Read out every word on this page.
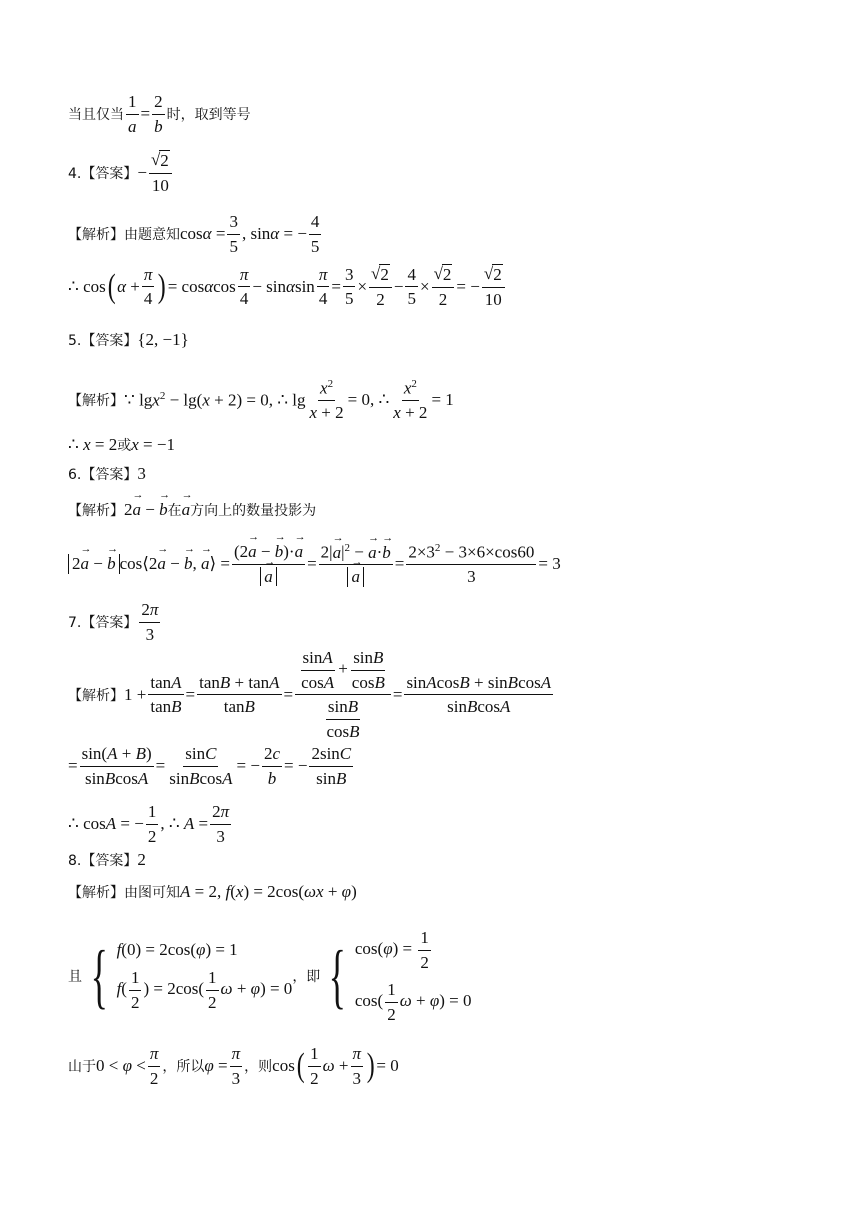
当且仅当 $\frac{1}{a} = \frac{2}{b}$ 时，取到等号
4.【答案】 − $\frac{√ 2}{10}$
【解析】由题意知 $\cos\alpha = \frac{3}{5}$ , sinα = − $\frac{4}{5}$
∴ cos ( $\alpha + \frac{\pi}{4}$ ) = cosαcos $\frac{\pi}{4} - \sin\alpha\sin \frac{\pi}{4} = \frac{3}{5} \times \frac{√ 2}{2} - \frac{4}{5} \times \frac{√ 2}{2}$ = − $\frac{√ 2}{10}$
5.【答案】 {2, −1}
【解析】 ∵ lgx$^2$ − lg(x + 2) = 0, ∴ $\lg \frac{x^2}{x + 2} = 0$, ∴ $\frac{x^2}{x + 2} = 1$
∴ x = 2 或 x = −1
6.【答案】 3
【解析】 2→ a − → b 在
→ a 方向上的数量投影为
2→ a − → b cos⟨2→ a − → b, → a⟩ = (2→ a − → b)·→ a
→ $a = 2|\to a|^2$ − → a·→ b
→ $a = \frac{2\times 3^2 - 3\times 6\times\cos 60}{3} = 3$
7.【答案】 $\frac{2\pi}{3}$
【解析】 $1 + \frac{\tan A}{\tan B} = \frac{\tan B + \tan A}{\tan B} = \frac{\frac{\sin A}{\cos A} + \frac{\sin B}{\cos B}}{\frac{\sin B}{\cos B}} = \frac{\text{sinAcosB + sinBcosA}}{\text{sinBcosA}}$
= $\frac{\sin(A + B)}{\text{sinBcosA}} = \frac{\sin C}{\text{sinBcosA}}$ = − $\frac{2c}{b}$ = − $\frac{2\sin C}{\sin B}$
∴ cosA = − $\frac{1}{2}$ , ∴ $A = \frac{2\pi}{3}$
8.【答案】 2
【解析】由图可知 A = 2, f(x) = 2cos(ωx + φ)
且 { f(0) = 2cos(φ) = 1
$f( \frac{1}{2}$ ) = $2\cos( \frac{1}{2}$ ω + φ) = 0
，即 { $\cos(\varphi) = \frac{1}{2}$
$\cos( \frac{1}{2}$ ω + φ) = 0
山于 $0 < \varphi < \frac{\pi}{2}$ ，所以 $\varphi = \frac{\pi}{3}$ ，则 cos ( $\frac{1}{2}$ $\omega + \frac{\pi}{3}$ ) = 0
